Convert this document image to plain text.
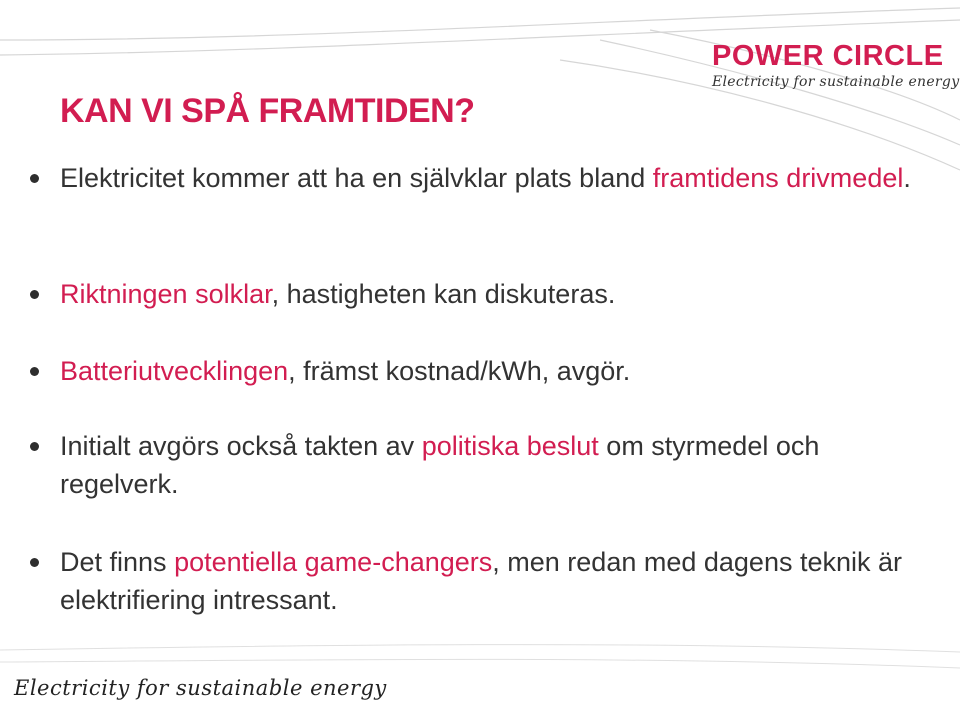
POWER CIRCLE
Electricity for sustainable energy
KAN VI SPÅ FRAMTIDEN?
Elektricitet kommer att ha en självklar plats bland framtidens drivmedel.
Riktningen solklar, hastigheten kan diskuteras.
Batteriutvecklingen, främst kostnad/kWh, avgör.
Initialt avgörs också takten av politiska beslut om styrmedel och regelverk.
Det finns potentiella game-changers, men redan med dagens teknik är elektrifiering intressant.
Electricity for sustainable energy
